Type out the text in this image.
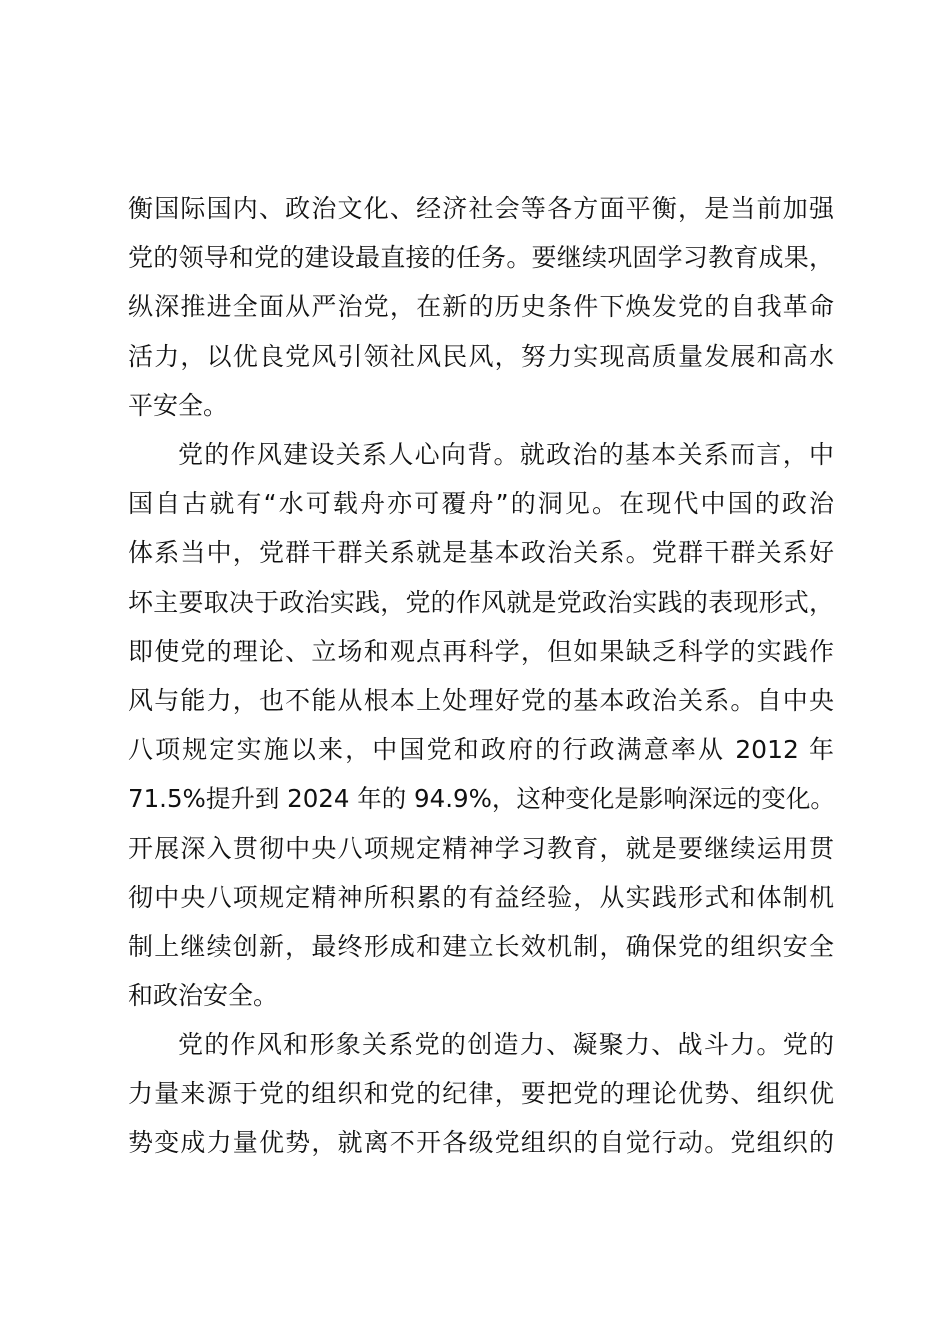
衡国际国内、政治文化、经济社会等各方面平衡，是当前加强
党的领导和党的建设最直接的任务。要继续巩固学习教育成果，
纵深推进全面从严治党，在新的历史条件下焕发党的自我革命
活力，以优良党风引领社风民风，努力实现高质量发展和高水
平安全。
党的作风建设关系人心向背。就政治的基本关系而言，中
国自古就有“水可载舟亦可覆舟”的洞见。在现代中国的政治
体系当中，党群干群关系就是基本政治关系。党群干群关系好
坏主要取决于政治实践，党的作风就是党政治实践的表现形式，
即使党的理论、立场和观点再科学，但如果缺乏科学的实践作
风与能力，也不能从根本上处理好党的基本政治关系。自中央
八项规定实施以来，中国党和政府的行政满意率从 2012 年
71.5%提升到 2024 年的 94.9%，这种变化是影响深远的变化。
开展深入贯彻中央八项规定精神学习教育，就是要继续运用贯
彻中央八项规定精神所积累的有益经验，从实践形式和体制机
制上继续创新，最终形成和建立长效机制，确保党的组织安全
和政治安全。
党的作风和形象关系党的创造力、凝聚力、战斗力。党的
力量来源于党的组织和党的纪律，要把党的理论优势、组织优
势变成力量优势，就离不开各级党组织的自觉行动。党组织的
